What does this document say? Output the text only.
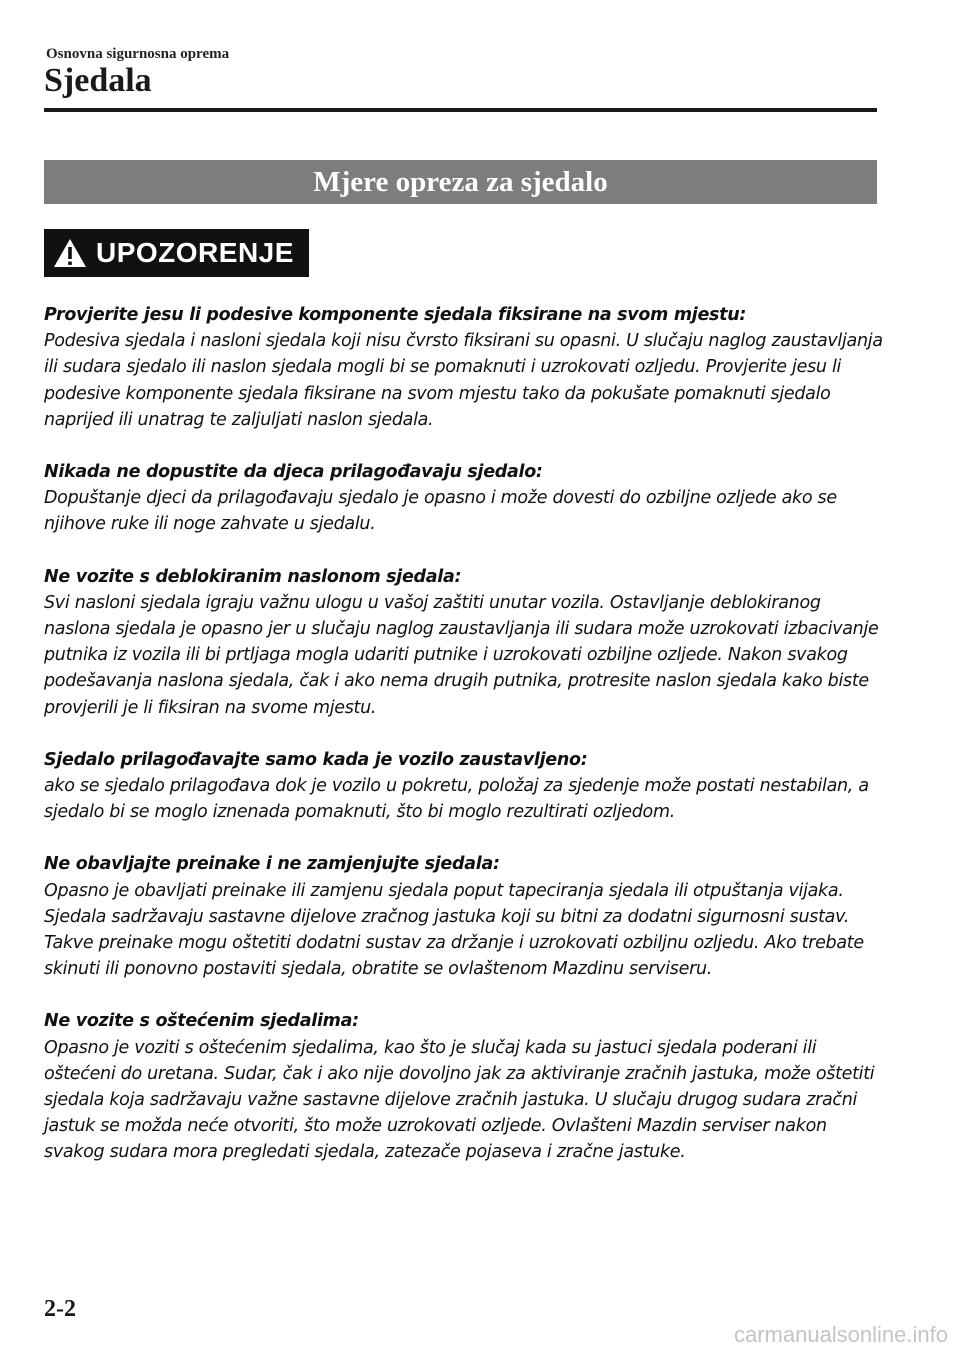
Osnovna sigurnosna oprema
Sjedala
Mjere opreza za sjedalo
UPOZORENJE
Provjerite jesu li podesive komponente sjedala fiksirane na svom mjestu:
Podesiva sjedala i nasloni sjedala koji nisu čvrsto fiksirani su opasni. U slučaju naglog zaustavljanja ili sudara sjedalo ili naslon sjedala mogli bi se pomaknuti i uzrokovati ozljedu. Provjerite jesu li podesive komponente sjedala fiksirane na svom mjestu tako da pokušate pomaknuti sjedalo naprijed ili unatrag te zaljuljati naslon sjedala.
Nikada ne dopustite da djeca prilagođavaju sjedalo:
Dopuštanje djeci da prilagođavaju sjedalo je opasno i može dovesti do ozbiljne ozljede ako se njihove ruke ili noge zahvate u sjedalu.
Ne vozite s deblokiranim naslonom sjedala:
Svi nasloni sjedala igraju važnu ulogu u vašoj zaštiti unutar vozila. Ostavljanje deblokiranog naslona sjedala je opasno jer u slučaju naglog zaustavljanja ili sudara može uzrokovati izbacivanje putnika iz vozila ili bi prtljaga mogla udariti putnike i uzrokovati ozbiljne ozljede. Nakon svakog podešavanja naslona sjedala, čak i ako nema drugih putnika, protresite naslon sjedala kako biste provjerili je li fiksiran na svome mjestu.
Sjedalo prilagođavajte samo kada je vozilo zaustavljeno:
ako se sjedalo prilagođava dok je vozilo u pokretu, položaj za sjedenje može postati nestabilan, a sjedalo bi se moglo iznenada pomaknuti, što bi moglo rezultirati ozljedom.
Ne obavljajte preinake i ne zamjenjujte sjedala:
Opasno je obavljati preinake ili zamjenu sjedala poput tapeciranja sjedala ili otpuštanja vijaka. Sjedala sadržavaju sastavne dijelove zračnog jastuka koji su bitni za dodatni sigurnosni sustav. Takve preinake mogu oštetiti dodatni sustav za držanje i uzrokovati ozbiljnu ozljedu. Ako trebate skinuti ili ponovno postaviti sjedala, obratite se ovlaštenom Mazdinu serviseru.
Ne vozite s oštećenim sjedalima:
Opasno je voziti s oštećenim sjedalima, kao što je slučaj kada su jastuci sjedala poderani ili oštećeni do uretana. Sudar, čak i ako nije dovoljno jak za aktiviranje zračnih jastuka, može oštetiti sjedala koja sadržavaju važne sastavne dijelove zračnih jastuka. U slučaju drugog sudara zračni jastuk se možda neće otvoriti, što može uzrokovati ozljede. Ovlašteni Mazdin serviser nakon svakog sudara mora pregledati sjedala, zatezače pojaseva i zračne jastuke.
2-2
carmanualsonline.info
